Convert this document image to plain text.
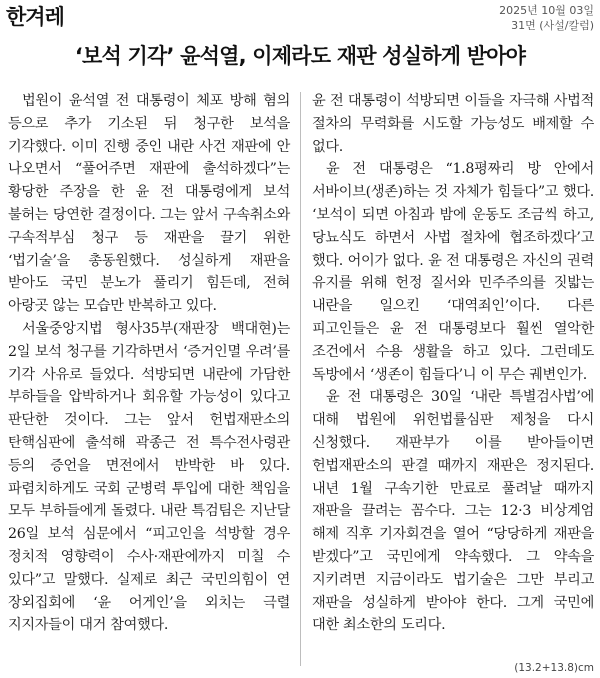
한겨레	2025년 10월 03일
31면 (사설/칼럼)
‘보석 기각’ 윤석열, 이제라도 재판 성실하게 받아야

법원이 윤석열 전 대통령이 체포 방해 혐의 등으로 추가 기소된 뒤 청구한 보석을 기각했다. 이미 진행 중인 내란 사건 재판에 안 나오면서 “풀어주면 재판에 출석하겠다”는 황당한 주장을 한 윤 전 대통령에게 보석 불허는 당연한 결정이다. 그는 앞서 구속취소와 구속적부심 청구 등 재판을 끌기 위한 ‘법기술’을 총동원했다. 성실하게 재판을 받아도 국민 분노가 풀리기 힘든데, 전혀 아랑곳 않는 모습만 반복하고 있다.

서울중앙지법 형사35부(재판장 백대현)는 2일 보석 청구를 기각하면서 ‘증거인멸 우려’를 기각 사유로 들었다. 석방되면 내란에 가담한 부하들을 압박하거나 회유할 가능성이 있다고 판단한 것이다. 그는 앞서 헌법재판소의 탄핵심판에 출석해 곽종근 전 특수전사령관 등의 증언을 면전에서 반박한 바 있다. 파렴치하게도 국회 군병력 투입에 대한 책임을 모두 부하들에게 돌렸다. 내란 특검팀은 지난달 26일 보석 심문에서 “피고인을 석방할 경우 정치적 영향력이 수사·재판에까지 미칠 수 있다”고 말했다. 실제로 최근 국민의힘이 연 장외집회에 ‘윤 어게인’을 외치는 극렬 지지자들이 대거 참여했다.

윤 전 대통령이 석방되면 이들을 자극해 사법적 절차의 무력화를 시도할 가능성도 배제할 수 없다.

윤 전 대통령은 “1.8평짜리 방 안에서 서바이브(생존)하는 것 자체가 힘들다”고 했다. ‘보석이 되면 아침과 밤에 운동도 조금씩 하고, 당뇨식도 하면서 사법 절차에 협조하겠다’고 했다. 어이가 없다. 윤 전 대통령은 자신의 권력 유지를 위해 헌정 질서와 민주주의를 짓밟는 내란을 일으킨 ‘대역죄인’이다. 다른 피고인들은 윤 전 대통령보다 훨씬 열악한 조건에서 수용 생활을 하고 있다. 그런데도 독방에서 ‘생존이 힘들다’니 이 무슨 궤변인가.

윤 전 대통령은 30일 ‘내란 특별검사법’에 대해 법원에 위헌법률심판 제청을 다시 신청했다. 재판부가 이를 받아들이면 헌법재판소의 판결 때까지 재판은 정지된다. 내년 1월 구속기한 만료로 풀려날 때까지 재판을 끌려는 꼼수다. 그는 12·3 비상계엄 해제 직후 기자회견을 열어 “당당하게 재판을 받겠다”고 국민에게 약속했다. 그 약속을 지키려면 지금이라도 법기술은 그만 부리고 재판을 성실하게 받아야 한다. 그게 국민에 대한 최소한의 도리다.

(13.2+13.8)cm
